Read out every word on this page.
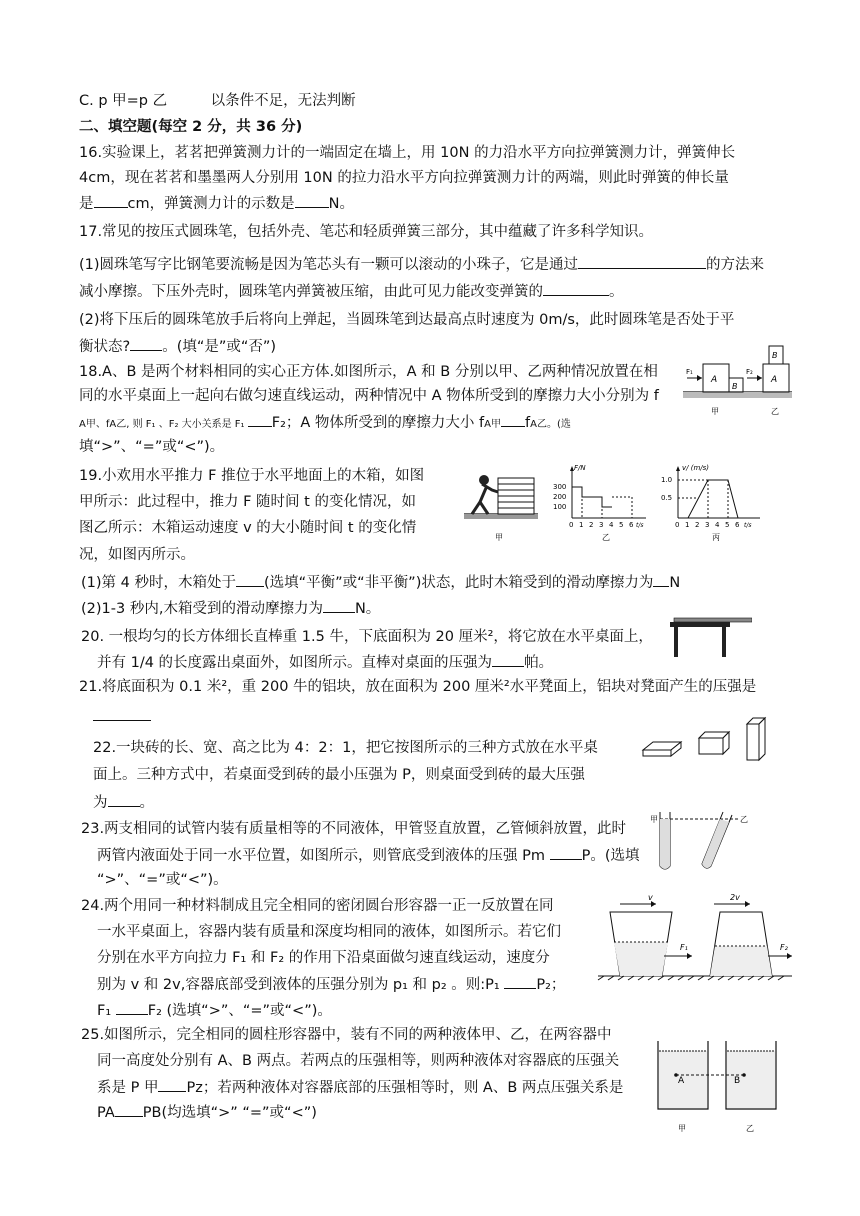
C. p 甲=p 乙　　　以条件不足，无法判断
二、填空题(每空 2 分，共 36 分)
16.实验课上，茗茗把弹簧测力计的一端固定在墙上，用 10N 的力沿水平方向拉弹簧测力计，弹簧伸长
4cm，现在茗茗和墨墨两人分别用 10N 的拉力沿水平方向拉弹簧测力计的两端，则此时弹簧的伸长量
是 cm，弹簧测力计的示数是 N。
17.常见的按压式圆珠笔，包括外壳、笔芯和轻质弹簧三部分，其中蕴藏了许多科学知识。
(1)圆珠笔写字比钢笔要流畅是因为笔芯头有一颗可以滚动的小珠子，它是通过	的方法来
减小摩擦。下压外壳时，圆珠笔内弹簧被压缩，由此可见力能改变弹簧的	。
(2)将下压后的圆珠笔放手后将向上弹起，当圆珠笔到达最高点时速度为 0m/s，此时圆珠笔是否处于平
衡状态? 。(填“是”或“否”)
18.A、B 是两个材料相同的实心正方体.如图所示，A 和 B 分别以甲、乙两种情况放置在相
同的水平桌面上一起向右做匀速直线运动，两种情况中 A 物体所受到的摩擦力大小分别为 f
A甲、fA乙, 则 F₁ 、F₂ 大小关系是 F₁ F₂；A 物体所受到的摩擦力大小 fA甲 fA乙。(选
填“>”、“=”或“<”)。
A
B
F₁
A
B
F₂
甲	乙
19.小欢用水平推力 F 推位于水平地面上的木箱，如图
甲所示：此过程中，推力 F 随时间 t 的变化情况，如
图乙所示：木箱运动速度 v 的大小随时间 t 的变化情
况，如图丙所示。
(1)第 4 秒时，木箱处于 (选填“平衡”或“非平衡”)状态，此时木箱受到的滑动摩擦力为 N
(2)1-3 秒内,木箱受到的滑动摩擦力为 N。
甲
F/N
300
200
100
0 1 2 3 4 5 6 t/s
乙
v/ (m/s)
1.0
0.5
0 1 2 3 4 5 6 t/s
丙
20. 一根均匀的长方体细长直棒重 1.5 牛，下底面积为 20 厘米²，将它放在水平桌面上，
并有 1/4 的长度露出桌面外，如图所示。直棒对桌面的压强为 帕。
21.将底面积为 0.1 米²，重 200 牛的铝块，放在面积为 200 厘米²水平凳面上，铝块对凳面产生的压强是
22.一块砖的长、宽、高之比为 4：2：1，把它按图所示的三种方式放在水平桌
面上。三种方式中，若桌面受到砖的最小压强为 P，则桌面受到砖的最大压强
为 。
23.两支相同的试管内装有质量相等的不同液体，甲管竖直放置，乙管倾斜放置，此时
两管内液面处于同一水平位置，如图所示，则管底受到液体的压强 Pm P。(选填
“>”、“=”或“<”)。
甲	乙
24.两个用同一种材料制成且完全相同的密闭圆台形容器一正一反放置在同
一水平桌面上，容器内装有质量和深度均相同的液体，如图所示。若它们
分别在水平方向拉力 F₁ 和 F₂ 的作用下沿桌面做匀速直线运动，速度分
别为 v 和 2v,容器底部受到液体的压强分别为 p₁ 和 p₂ 。则:P₁ P₂；
F₁ F₂ (选填“>”、“=”或“<”)。
v
F₁
2v
F₂
25.如图所示，完全相同的圆柱形容器中，装有不同的两种液体甲、乙，在两容器中
同一高度处分别有 A、B 两点。若两点的压强相等，则两种液体对容器底的压强关
系是 P 甲 Pz；若两种液体对容器底部的压强相等时，则 A、B 两点压强关系是
PA PB(均选填“>” “=”或“<”)
A	B
甲	乙
